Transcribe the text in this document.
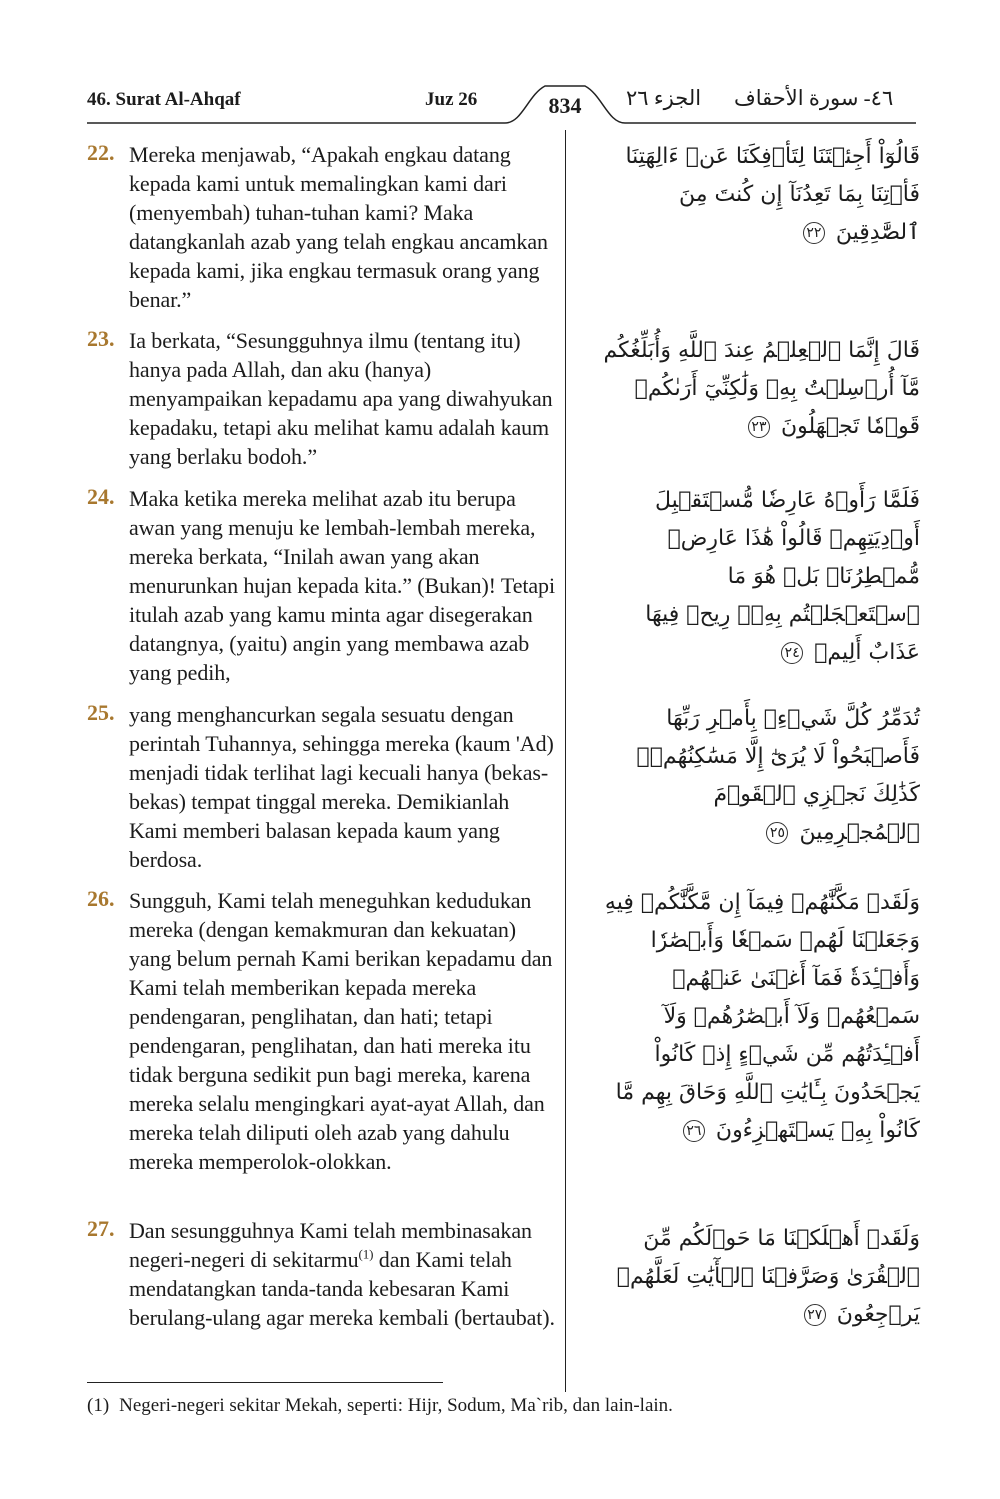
46. Surat Al-Ahqaf	Juz 26	834	الجزء ٢٦ ٤٦- سورة الأحقاف
22. Mereka menjawab, “Apakah engkau datang kepada kami untuk memalingkan kami dari (menyembah) tuhan-tuhan kami? Maka datangkanlah azab yang telah engkau ancamkan kepada kami, jika engkau termasuk orang yang benar.”
قَالُوٓاْ أَجِئۡتَنَا لِتَأۡفِكَنَا عَنۡ ءَالِهَتِنَا فَأۡتِنَا بِمَا تَعِدُنَآ إِن كُنتَ مِنَ ٱلصَّٰدِقِينَ ٢٢
23. Ia berkata, “Sesungguhnya ilmu (tentang itu) hanya pada Allah, dan aku (hanya) menyampaikan kepadamu apa yang diwahyukan kepadaku, tetapi aku melihat kamu adalah kaum yang berlaku bodoh.”
قَالَ إِنَّمَا ٱلۡعِلۡمُ عِندَ ٱللَّهِ وَأُبَلِّغُكُم مَّآ أُرۡسِلۡتُ بِهِۦ وَلَٰكِنِّيٓ أَرَىٰكُمۡ قَوۡمٗا تَجۡهَلُونَ ٢٣
24. Maka ketika mereka melihat azab itu berupa awan yang menuju ke lembah-lembah mereka, mereka berkata, “Inilah awan yang akan menurunkan hujan kepada kita.” (Bukan)! Tetapi itulah azab yang kamu minta agar disegerakan datangnya, (yaitu) angin yang membawa azab yang pedih,
فَلَمَّا رَأَوۡهُ عَارِضٗا مُّسۡتَقۡبِلَ أَوۡدِيَتِهِمۡ قَالُواْ هَٰذَا عَارِضٞ مُّمۡطِرُنَاۚ بَلۡ هُوَ مَا ٱسۡتَعۡجَلۡتُم بِهِۦۖ رِيحٞ فِيهَا عَذَابٌ أَلِيمٞ ٢٤
25. yang menghancurkan segala sesuatu dengan perintah Tuhannya, sehingga mereka (kaum 'Ad) menjadi tidak terlihat lagi kecuali hanya (bekas-bekas) tempat tinggal mereka. Demikianlah Kami memberi balasan kepada kaum yang berdosa.
تُدَمِّرُ كُلَّ شَيۡءِۭ بِأَمۡرِ رَبِّهَا فَأَصۡبَحُواْ لَا يُرَىٰٓ إِلَّا مَسَٰكِنُهُمۡۚ كَذَٰلِكَ نَجۡزِي ٱلۡقَوۡمَ ٱلۡمُجۡرِمِينَ ٢٥
26. Sungguh, Kami telah meneguhkan kedudukan mereka (dengan kemakmuran dan kekuatan) yang belum pernah Kami berikan kepadamu dan Kami telah memberikan kepada mereka pendengaran, penglihatan, dan hati; tetapi pendengaran, penglihatan, dan hati mereka itu tidak berguna sedikit pun bagi mereka, karena mereka selalu mengingkari ayat-ayat Allah, dan mereka telah diliputi oleh azab yang dahulu mereka memperolok-olokkan.
وَلَقَدۡ مَكَّنَّٰهُمۡ فِيمَآ إِن مَّكَّنَّٰكُمۡ فِيهِ وَجَعَلۡنَا لَهُمۡ سَمۡعٗا وَأَبۡصَٰرٗا وَأَفۡـِٔدَةٗ فَمَآ أَغۡنَىٰ عَنۡهُمۡ سَمۡعُهُمۡ وَلَآ أَبۡصَٰرُهُمۡ وَلَآ أَفۡـِٔدَتُهُم مِّن شَيۡءٍ إِذۡ كَانُواْ يَجۡحَدُونَ بِـَٔايَٰتِ ٱللَّهِ وَحَاقَ بِهِم مَّا كَانُواْ بِهِۦ يَسۡتَهۡزِءُونَ ٢٦
27. Dan sesungguhnya Kami telah membinasakan negeri-negeri di sekitarmu$^{(1)}$ dan Kami telah mendatangkan tanda-tanda kebesaran Kami berulang-ulang agar mereka kembali (bertaubat).
وَلَقَدۡ أَهۡلَكۡنَا مَا حَوۡلَكُم مِّنَ ٱلۡقُرَىٰ وَصَرَّفۡنَا ٱلۡأٓيَٰتِ لَعَلَّهُمۡ يَرۡجِعُونَ ٢٧
(1) Negeri-negeri sekitar Mekah, seperti: Hijr, Sodum, Ma`rib, dan lain-lain.
